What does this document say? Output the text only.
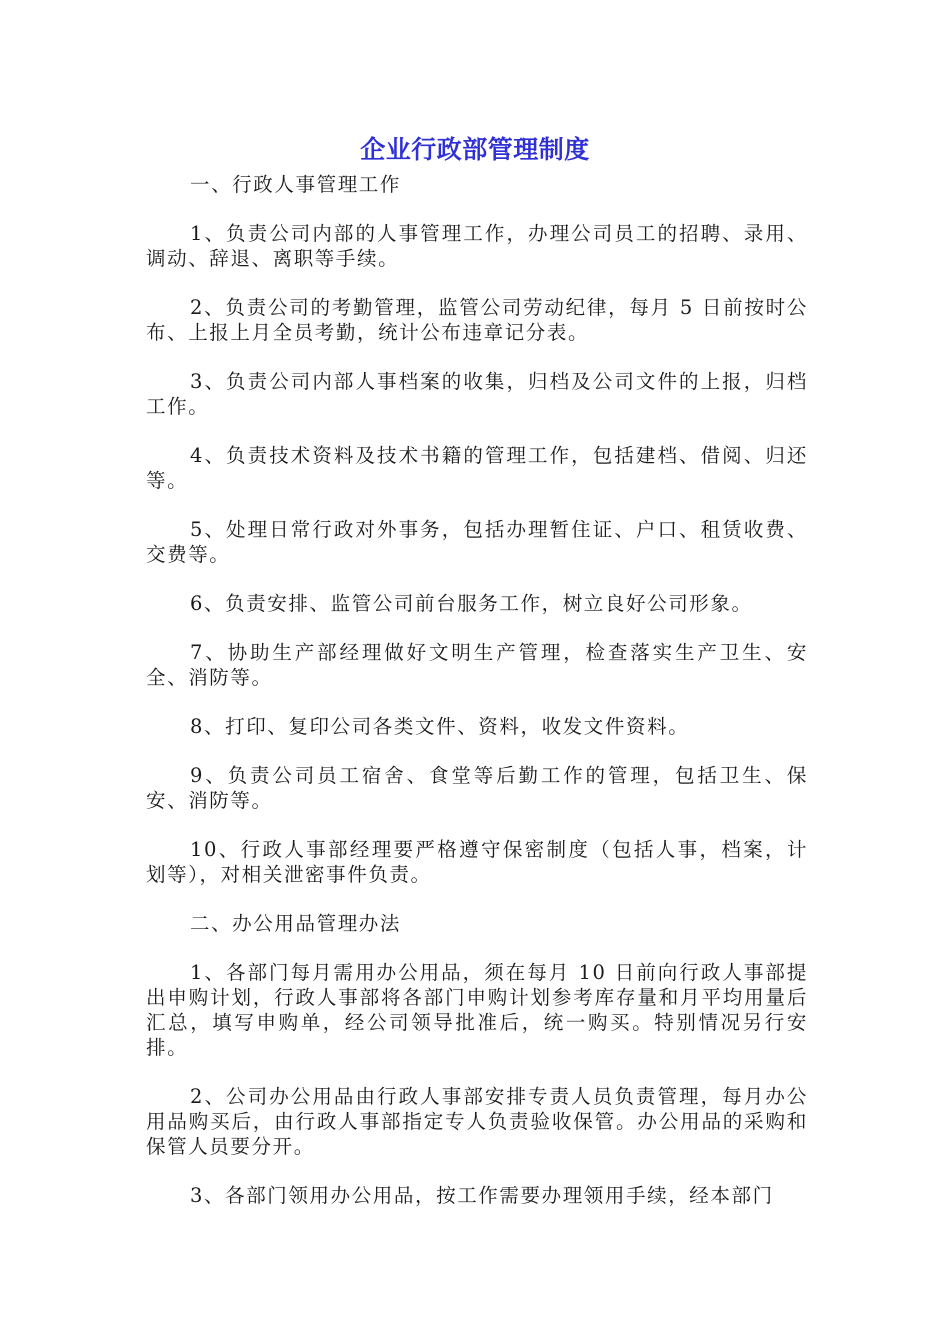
企业行政部管理制度

一、行政人事管理工作

1、负责公司内部的人事管理工作，办理公司员工的招聘、录用、调动、辞退、离职等手续。

2、负责公司的考勤管理，监管公司劳动纪律，每月 5 日前按时公布、上报上月全员考勤，统计公布违章记分表。

3、负责公司内部人事档案的收集，归档及公司文件的上报，归档工作。

4、负责技术资料及技术书籍的管理工作，包括建档、借阅、归还等。

5、处理日常行政对外事务，包括办理暂住证、户口、租赁收费、交费等。

6、负责安排、监管公司前台服务工作，树立良好公司形象。

7、协助生产部经理做好文明生产管理，检查落实生产卫生、安全、消防等。

8、打印、复印公司各类文件、资料，收发文件资料。

9、负责公司员工宿舍、食堂等后勤工作的管理，包括卫生、保安、消防等。

10、行政人事部经理要严格遵守保密制度（包括人事，档案，计划等），对相关泄密事件负责。

二、办公用品管理办法

1、各部门每月需用办公用品，须在每月 10 日前向行政人事部提出申购计划，行政人事部将各部门申购计划参考库存量和月平均用量后汇总，填写申购单，经公司领导批准后，统一购买。特别情况另行安排。

2、公司办公用品由行政人事部安排专责人员负责管理，每月办公用品购买后，由行政人事部指定专人负责验收保管。办公用品的采购和保管人员要分开。

3、各部门领用办公用品，按工作需要办理领用手续，经本部门
